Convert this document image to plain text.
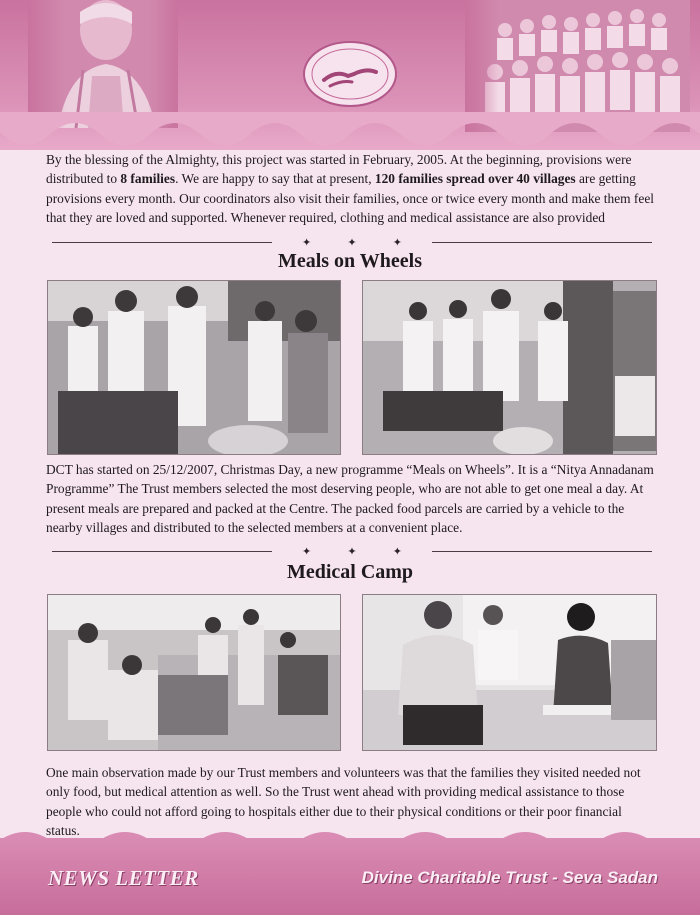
By the blessing of the Almighty, this project was started in February, 2005. At the beginning, provisions were distributed to 8 families. We are happy to say that at present, 120 families spread over 40 villages are getting provisions every month. Our coordinators also visit their families, once or twice every month and make them feel that they are loved and supported. Whenever required, clothing and medical assistance are also provided

✦	✦	✦
Meals on Wheels

DCT has started on 25/12/2007, Christmas Day, a new programme “Meals on Wheels”. It is a “Nitya Annadanam Programme” The Trust members selected the most deserving people, who are not able to get one meal a day. At present meals are prepared and packed at the Centre. The packed food parcels are carried by a vehicle to the nearby villages and distributed to the selected members at a convenient place.

✦	✦	✦
Medical Camp
One main observation made by our Trust members and volunteers was that the families they visited needed not only food, but medical attention as well. So the Trust went ahead with providing medical assistance to those people who could not afford going to hospitals either due to their physical conditions or their poor financial status.

NEWS LETTER	Divine Charitable Trust - Seva Sadan
